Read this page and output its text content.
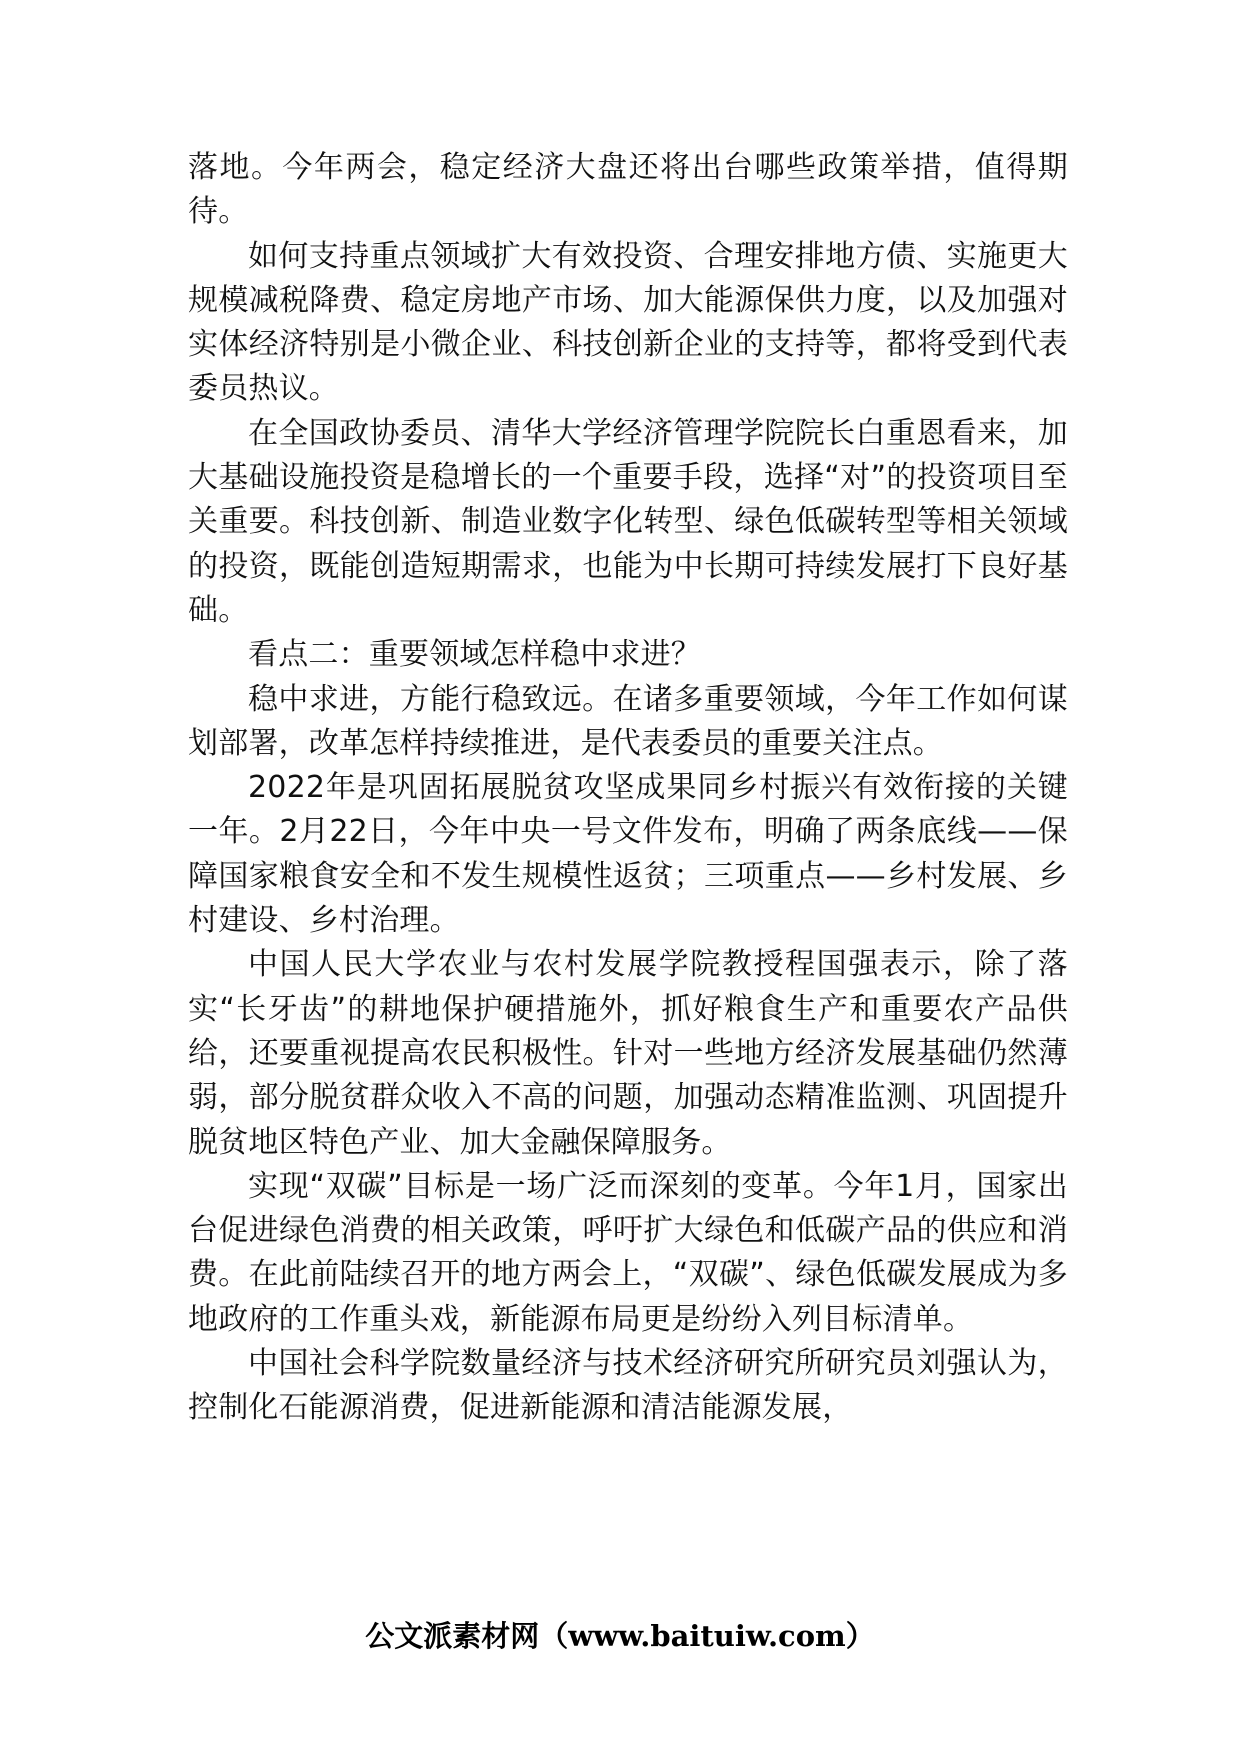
落地。今年两会，稳定经济大盘还将出台哪些政策举措，值得期待。

如何支持重点领域扩大有效投资、合理安排地方债、实施更大规模减税降费、稳定房地产市场、加大能源保供力度，以及加强对实体经济特别是小微企业、科技创新企业的支持等，都将受到代表委员热议。

在全国政协委员、清华大学经济管理学院院长白重恩看来，加大基础设施投资是稳增长的一个重要手段，选择“对”的投资项目至关重要。科技创新、制造业数字化转型、绿色低碳转型等相关领域的投资，既能创造短期需求，也能为中长期可持续发展打下良好基础。

看点二：重要领域怎样稳中求进？

稳中求进，方能行稳致远。在诸多重要领域，今年工作如何谋划部署，改革怎样持续推进，是代表委员的重要关注点。

2022年是巩固拓展脱贫攻坚成果同乡村振兴有效衔接的关键一年。2月22日，今年中央一号文件发布，明确了两条底线——保障国家粮食安全和不发生规模性返贫；三项重点——乡村发展、乡村建设、乡村治理。

中国人民大学农业与农村发展学院教授程国强表示，除了落实“长牙齿”的耕地保护硬措施外，抓好粮食生产和重要农产品供给，还要重视提高农民积极性。针对一些地方经济发展基础仍然薄弱，部分脱贫群众收入不高的问题，加强动态精准监测、巩固提升脱贫地区特色产业、加大金融保障服务。

实现“双碳”目标是一场广泛而深刻的变革。今年1月，国家出台促进绿色消费的相关政策，呼吁扩大绿色和低碳产品的供应和消费。在此前陆续召开的地方两会上，“双碳”、绿色低碳发展成为多地政府的工作重头戏，新能源布局更是纷纷入列目标清单。

中国社会科学院数量经济与技术经济研究所研究员刘强认为，控制化石能源消费，促进新能源和清洁能源发展，

公文派素材网（www.baituiw.com）
